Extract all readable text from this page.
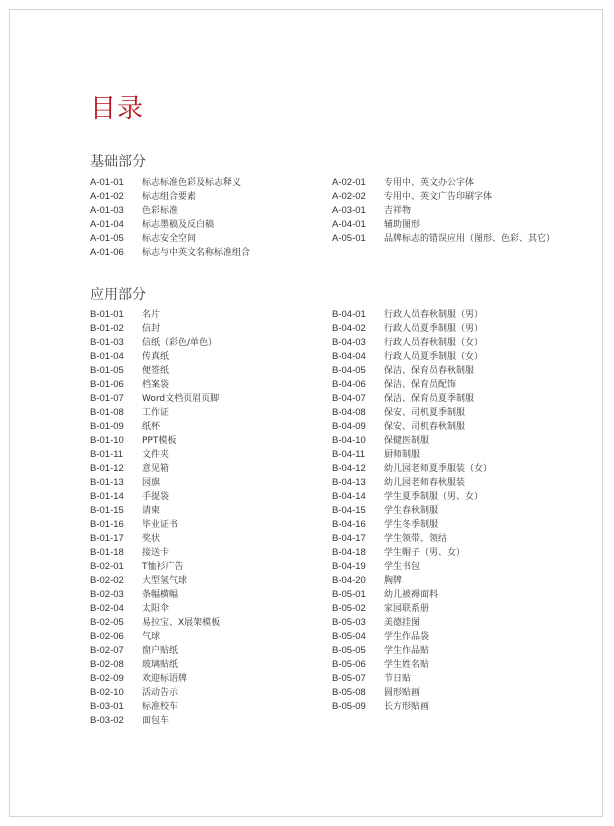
目录
基础部分
A-01-01 标志标准色彩及标志释义
A-01-02 标志组合要素
A-01-03 色彩标准
A-01-04 标志墨稿及反白稿
A-01-05 标志安全空间
A-01-06 标志与中英文名称标准组合
A-02-01 专用中、英文办公字体
A-02-02 专用中、英文广告印刷字体
A-03-01 吉祥物
A-04-01 辅助图形
A-05-01 品牌标志的错误应用（图形、色彩、其它）
应用部分
B-01-01 名片
B-01-02 信封
B-01-03 信纸（彩色/单色）
B-01-04 传真纸
B-01-05 便签纸
B-01-06 档案袋
B-01-07 Word文档页眉页脚
B-01-08 工作证
B-01-09 纸杯
B-01-10 PPT模板
B-01-11 文件夹
B-01-12 意见箱
B-01-13 园旗
B-01-14 手提袋
B-01-15 请柬
B-01-16 毕业证书
B-01-17 奖状
B-01-18 接送卡
B-02-01 T恤衫广告
B-02-02 大型氢气球
B-02-03 条幅横幅
B-02-04 太阳伞
B-02-05 易拉宝、X展架模板
B-02-06 气球
B-02-07 窗户贴纸
B-02-08 玻璃贴纸
B-02-09 欢迎标语牌
B-02-10 活动告示
B-03-01 标准校车
B-03-02 面包车
B-04-01 行政人员春秋制服（男）
B-04-02 行政人员夏季制服（男）
B-04-03 行政人员春秋制服（女）
B-04-04 行政人员夏季制服（女）
B-04-05 保洁、保育员春秋制服
B-04-06 保洁、保育员配饰
B-04-07 保洁、保育员夏季制服
B-04-08 保安、司机夏季制服
B-04-09 保安、司机春秋制服
B-04-10 保健医制服
B-04-11 厨师制服
B-04-12 幼儿园老师夏季服装（女）
B-04-13 幼儿园老师春秋服装
B-04-14 学生夏季制服（男、女）
B-04-15 学生春秋制服
B-04-16 学生冬季制服
B-04-17 学生领带、领结
B-04-18 学生帽子（男、女）
B-04-19 学生书包
B-04-20 胸牌
B-05-01 幼儿被褥面料
B-05-02 家园联系册
B-05-03 美德挂图
B-05-04 学生作品袋
B-05-05 学生作品贴
B-05-06 学生姓名贴
B-05-07 节日贴
B-05-08 圆形贴画
B-05-09 长方形贴画
